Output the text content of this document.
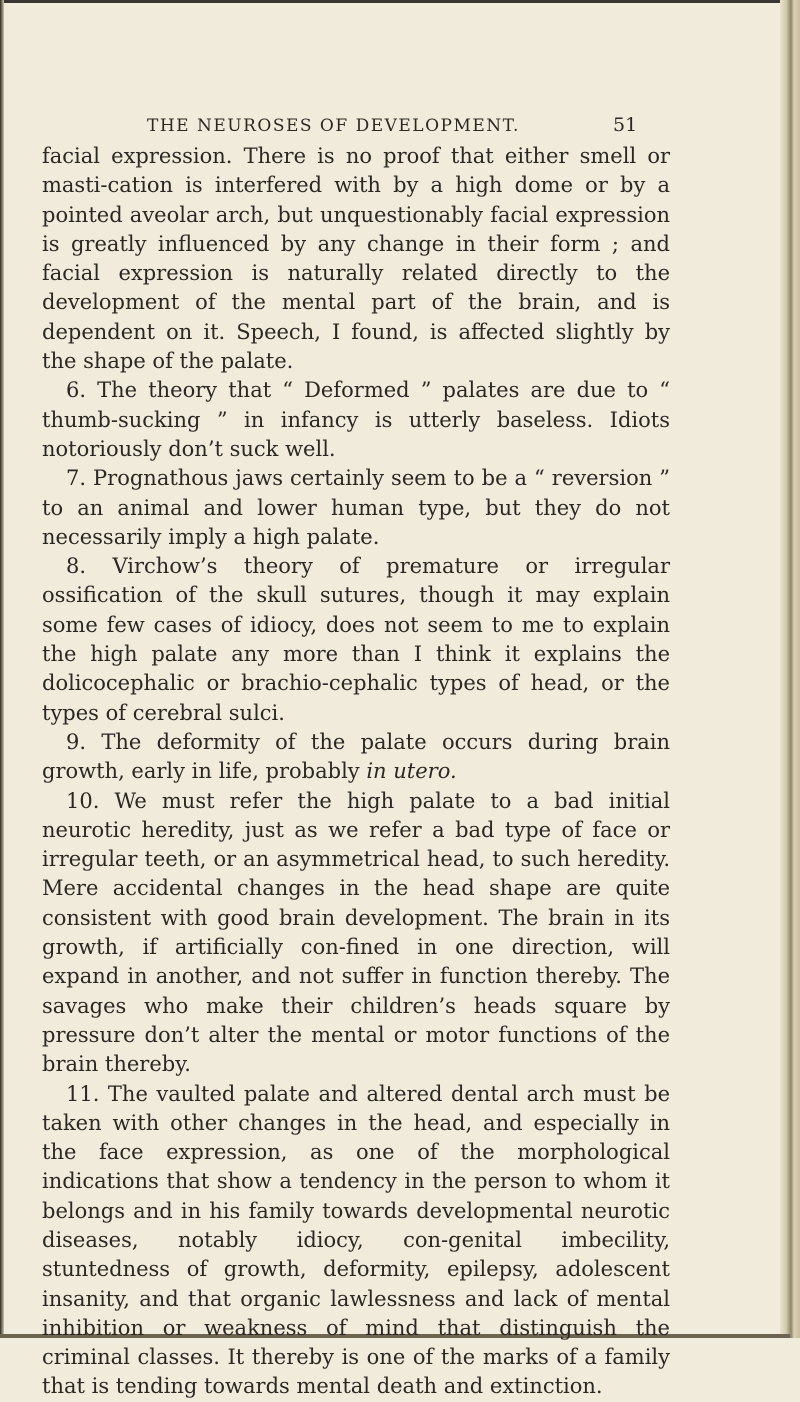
THE NEUROSES OF DEVELOPMENT.	51

facial expression. There is no proof that either smell or masti-cation is interfered with by a high dome or by a pointed aveolar arch, but unquestionably facial expression is greatly influenced by any change in their form ; and facial expression is naturally related directly to the development of the mental part of the brain, and is dependent on it. Speech, I found, is affected slightly by the shape of the palate.

6. The theory that “ Deformed ” palates are due to “ thumb-sucking ” in infancy is utterly baseless. Idiots notoriously don’t suck well.

7. Prognathous jaws certainly seem to be a “ reversion ” to an animal and lower human type, but they do not necessarily imply a high palate.

8. Virchow’s theory of premature or irregular ossification of the skull sutures, though it may explain some few cases of idiocy, does not seem to me to explain the high palate any more than I think it explains the dolicocephalic or brachio-cephalic types of head, or the types of cerebral sulci.

9. The deformity of the palate occurs during brain growth, early in life, probably in utero.

10. We must refer the high palate to a bad initial neurotic heredity, just as we refer a bad type of face or irregular teeth, or an asymmetrical head, to such heredity. Mere accidental changes in the head shape are quite consistent with good brain development. The brain in its growth, if artificially con-fined in one direction, will expand in another, and not suffer in function thereby. The savages who make their children’s heads square by pressure don’t alter the mental or motor functions of the brain thereby.

11. The vaulted palate and altered dental arch must be taken with other changes in the head, and especially in the face expression, as one of the morphological indications that show a tendency in the person to whom it belongs and in his family towards developmental neurotic diseases, notably idiocy, con-genital imbecility, stuntedness of growth, deformity, epilepsy, adolescent insanity, and that organic lawlessness and lack of mental inhibition or weakness of mind that distinguish the criminal classes. It thereby is one of the marks of a family that is tending towards mental death and extinction.
